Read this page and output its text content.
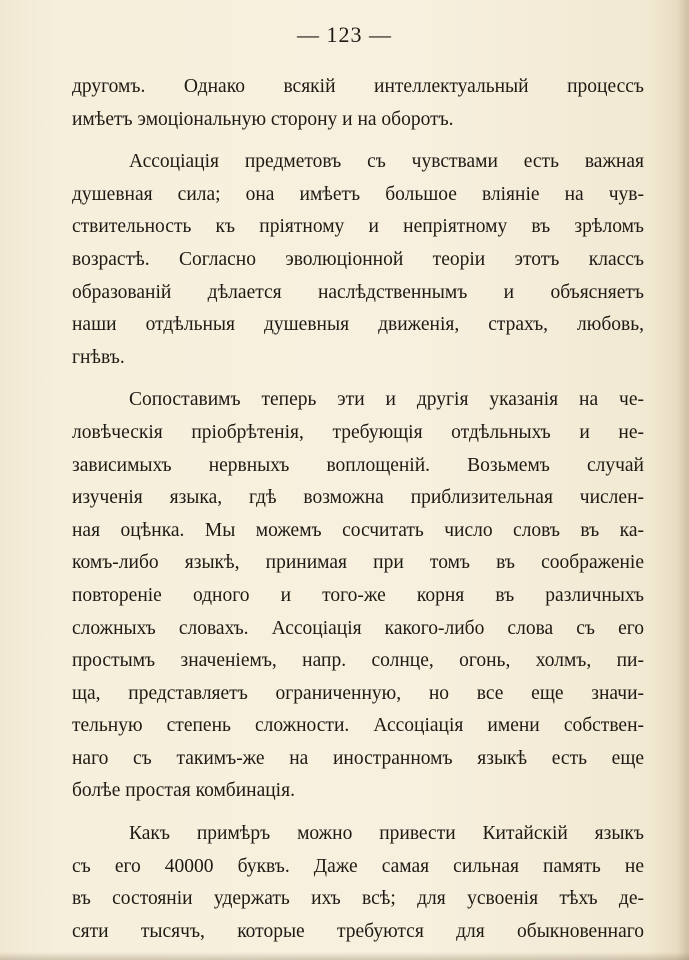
— 123 —
другомъ. Однако всякій интеллектуальный процессъ
имѣетъ эмоціональную сторону и на оборотъ.
Ассоціація предметовъ съ чувствами есть важная
душевная сила; она имѣетъ большое вліяніе на чув-
ствительность къ пріятному и непріятному въ зрѣломъ
возрастѣ. Согласно эволюціонной теоріи этотъ классъ
образованій дѣлается наслѣдственнымъ и объясняетъ
наши отдѣльныя душевныя движенія, страхъ, любовь,
гнѣвъ.
Сопоставимъ теперь эти и другія указанія на че-
ловѣческія пріобрѣтенія, требующія отдѣльныхъ и не-
зависимыхъ нервныхъ воплощеній. Возьмемъ случай
изученія языка, гдѣ возможна приблизительная числен-
ная оцѣнка. Мы можемъ сосчитать число словъ въ ка-
комъ-либо языкѣ, принимая при томъ въ соображеніе
повтореніе одного и того-же корня въ различныхъ
сложныхъ словахъ. Ассоціація какого-либо слова съ его
простымъ значеніемъ, напр. солнце, огонь, холмъ, пи-
ща, представляетъ ограниченную, но все еще значи-
тельную степень сложности. Ассоціація имени собствен-
наго съ такимъ-же на иностранномъ языкѣ есть еще
болѣе простая комбинація.
Какъ примѣръ можно привести Китайскій языкъ
съ его 40000 буквъ. Даже самая сильная память не
въ состояніи удержать ихъ всѣ; для усвоенія тѣхъ де-
сяти тысячъ, которые требуются для обыкновеннаго
